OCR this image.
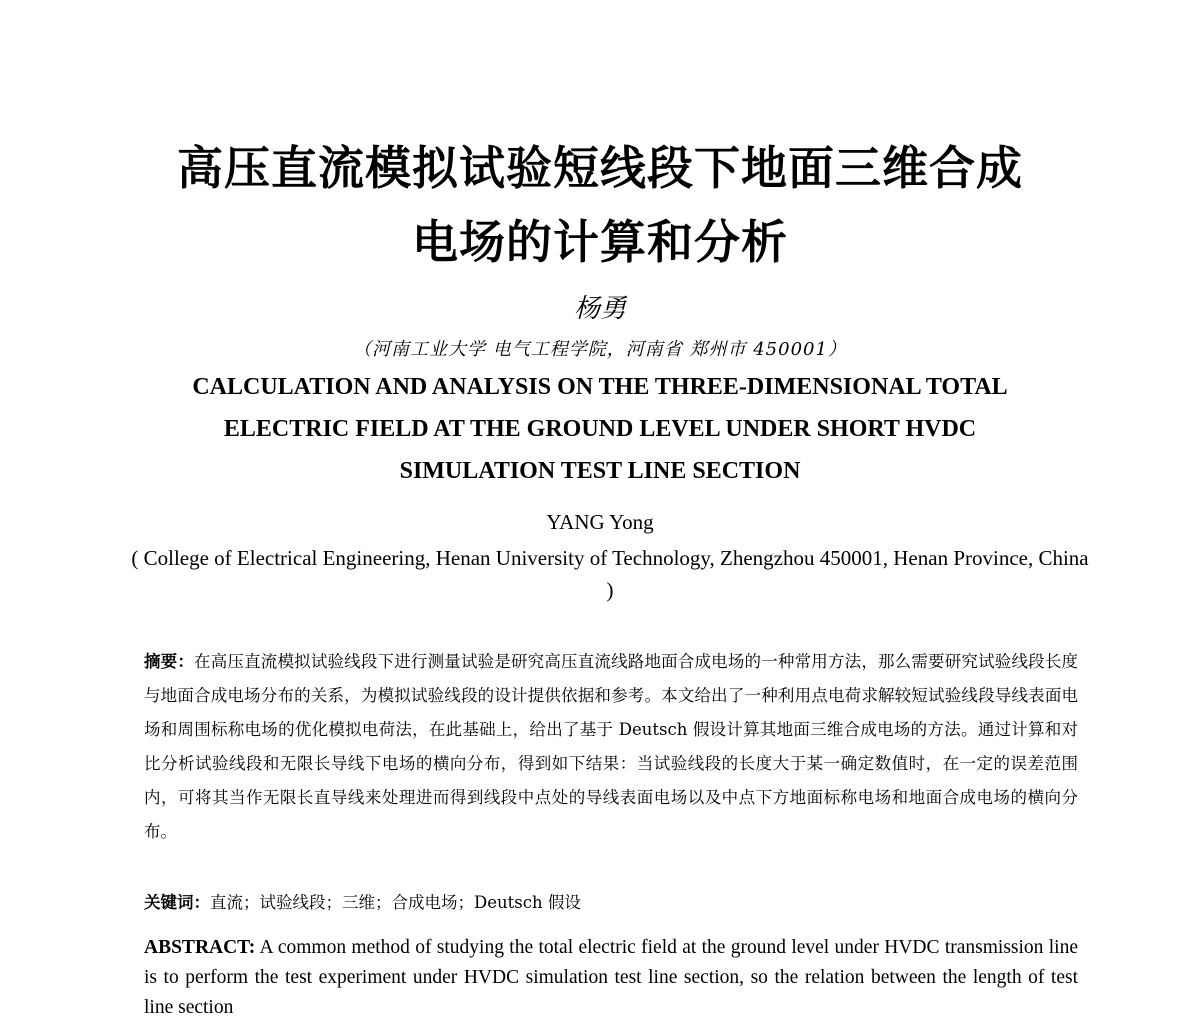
高压直流模拟试验短线段下地面三维合成
电场的计算和分析
杨勇
（河南工业大学 电气工程学院，河南省 郑州市 450001）
CALCULATION AND ANALYSIS ON THE THREE-DIMENSIONAL TOTAL
ELECTRIC FIELD AT THE GROUND LEVEL UNDER SHORT HVDC
SIMULATION TEST LINE SECTION
YANG Yong
( College of Electrical Engineering, Henan University of Technology, Zhengzhou 450001, Henan Province, China )
摘要：在高压直流模拟试验线段下进行测量试验是研究高压直流线路地面合成电场的一种常用方法，那么需要研究试验线段长度与地面合成电场分布的关系，为模拟试验线段的设计提供依据和参考。本文给出了一种利用点电荷求解较短试验线段导线表面电场和周围标称电场的优化模拟电荷法，在此基础上，给出了基于 Deutsch 假设计算其地面三维合成电场的方法。通过计算和对比分析试验线段和无限长导线下电场的横向分布，得到如下结果：当试验线段的长度大于某一确定数值时，在一定的误差范围内，可将其当作无限长直导线来处理进而得到线段中点处的导线表面电场以及中点下方地面标称电场和地面合成电场的横向分布。
关键词：直流；试验线段；三维；合成电场；Deutsch 假设
ABSTRACT: A common method of studying the total electric field at the ground level under HVDC transmission line is to perform the test experiment under HVDC simulation test line section, so the relation between the length of test line section
